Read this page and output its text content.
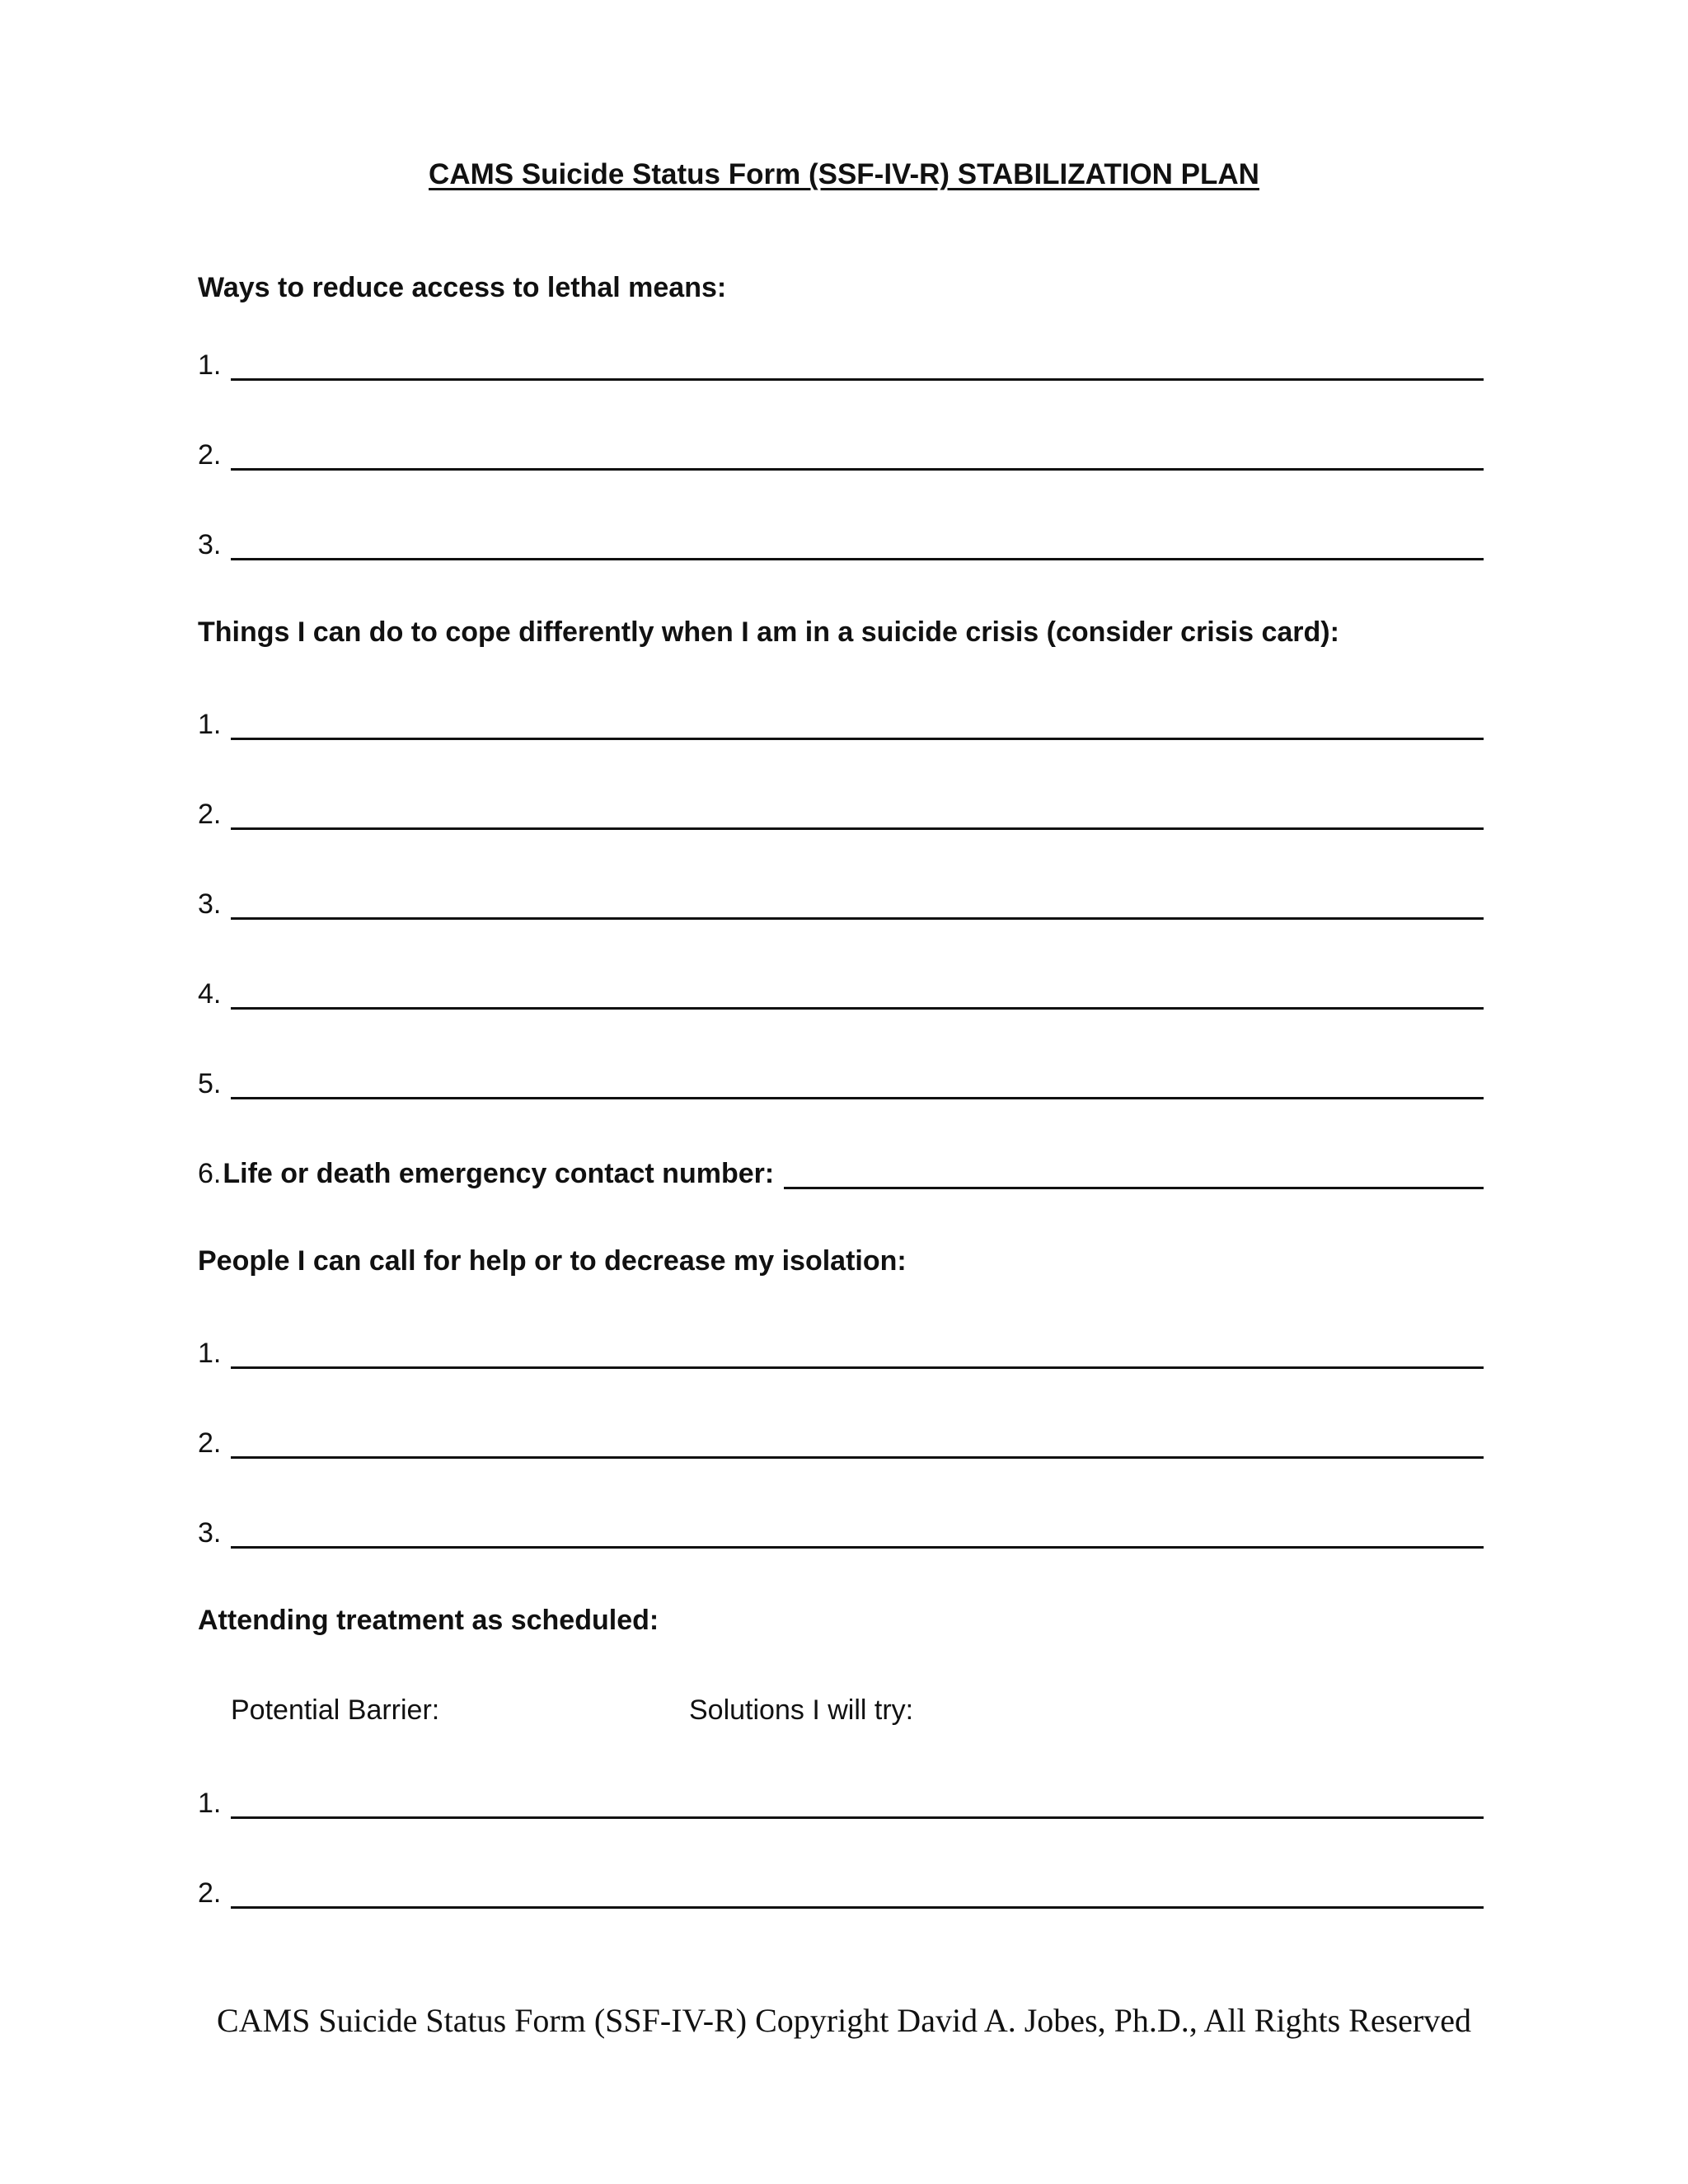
CAMS Suicide Status Form (SSF-IV-R) STABILIZATION PLAN
Ways to reduce access to lethal means:
1.
2.
3.
Things I can do to cope differently when I am in a suicide crisis (consider crisis card):
1.
2.
3.
4.
5.
6. Life or death emergency contact number:
People I can call for help or to decrease my isolation:
1.
2.
3.
Attending treatment as scheduled:
Potential Barrier:	Solutions I will try:
1.
2.
CAMS Suicide Status Form (SSF-IV-R) Copyright David A. Jobes, Ph.D., All Rights Reserved
